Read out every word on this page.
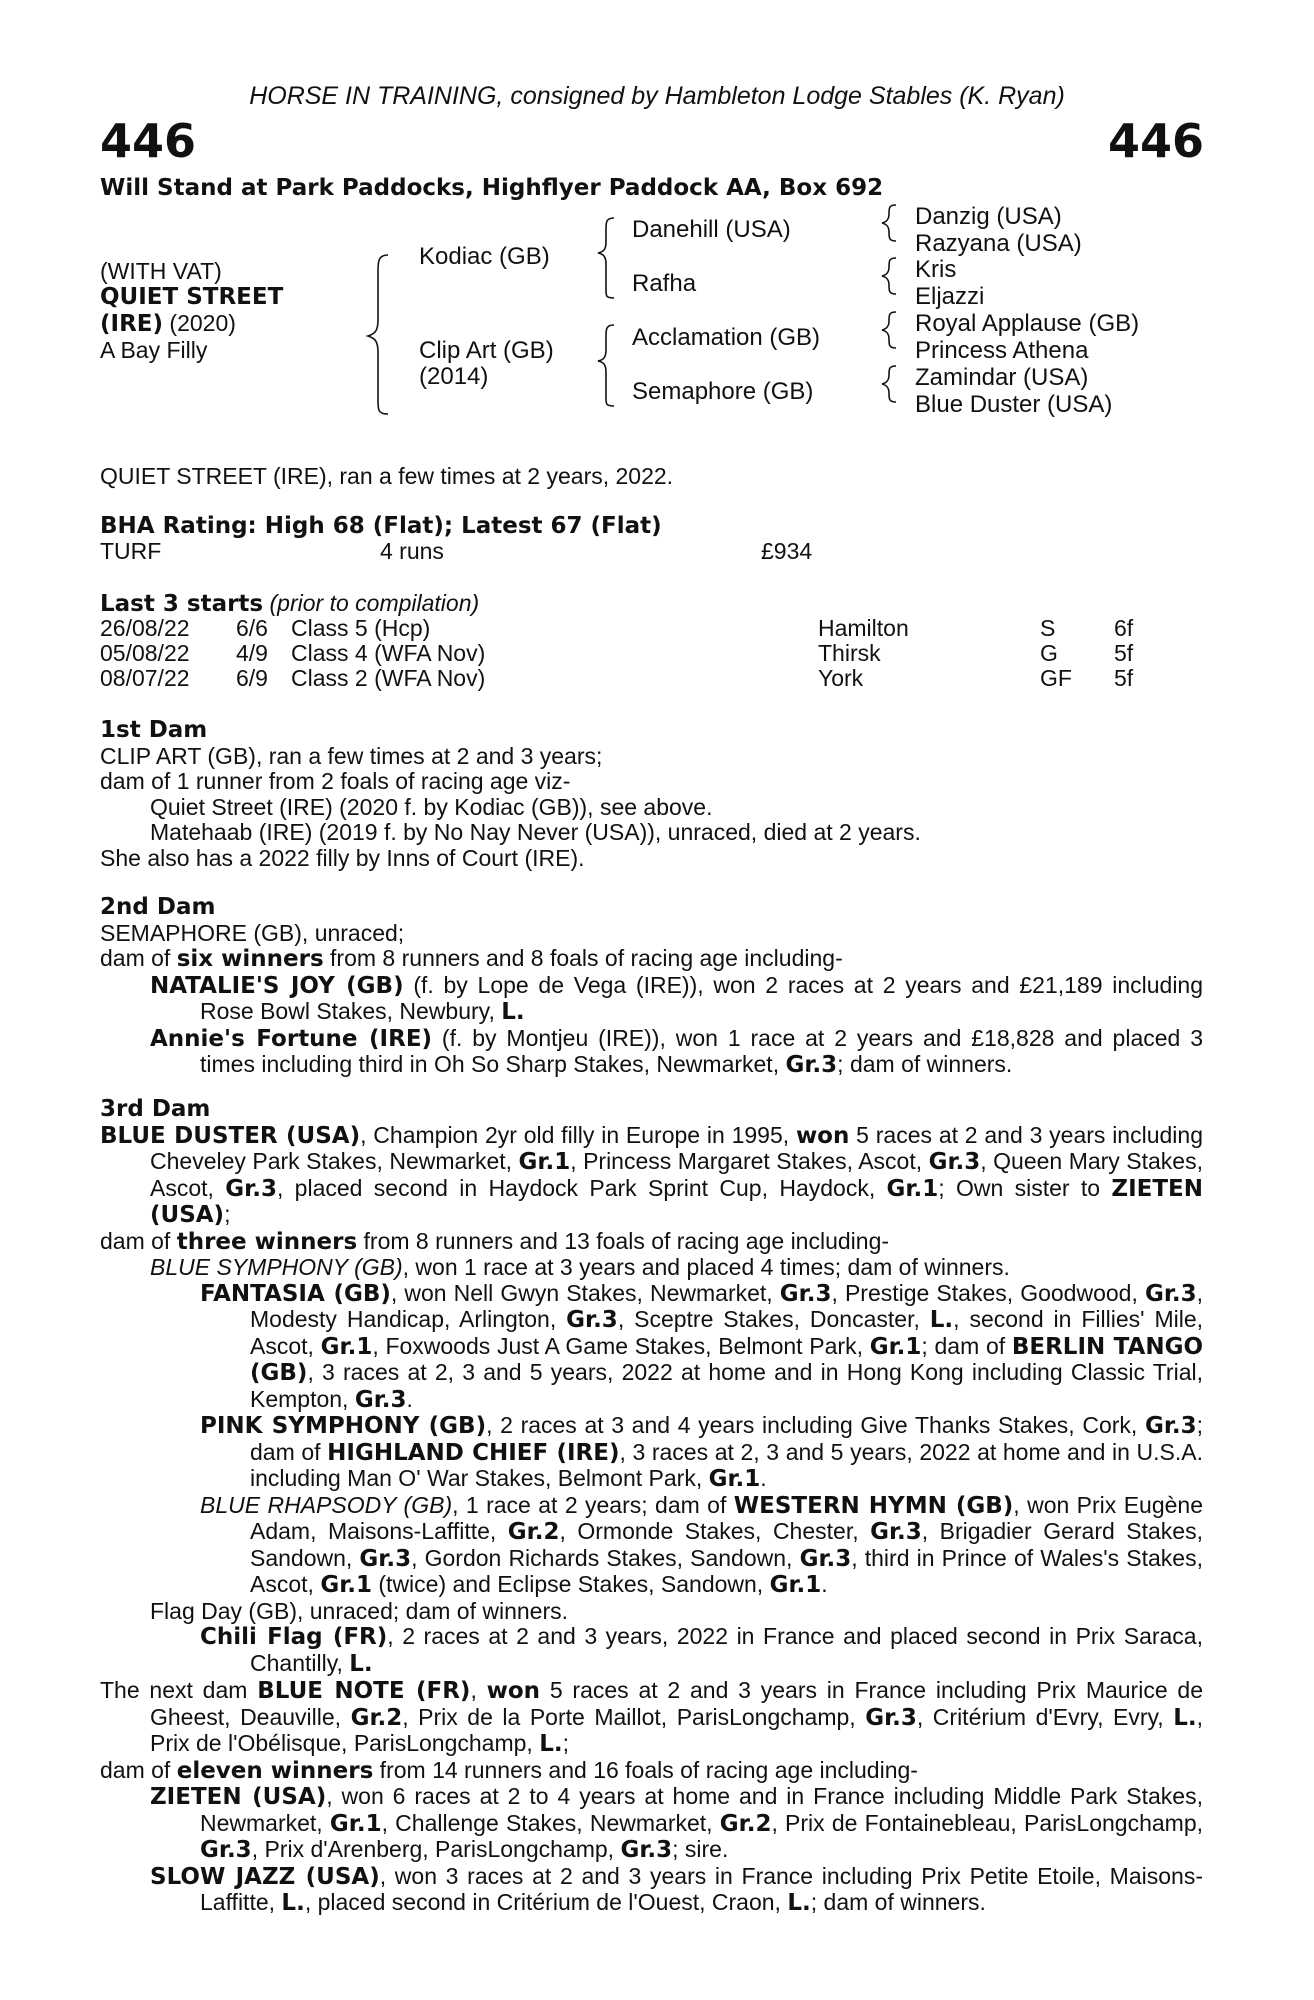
HORSE IN TRAINING, consigned by Hambleton Lodge Stables (K. Ryan)
446	446
Will Stand at Park Paddocks, Highflyer Paddock AA, Box 692
(WITH VAT)
QUIET STREET
(IRE) (2020)
A Bay Filly
Kodiac (GB)
Clip Art (GB)
(2014)
Danehill (USA)
Rafha
Acclamation (GB)
Semaphore (GB)
Danzig (USA)
Razyana (USA)
Kris
Eljazzi
Royal Applause (GB)
Princess Athena
Zamindar (USA)
Blue Duster (USA)
QUIET STREET (IRE), ran a few times at 2 years, 2022.
BHA Rating: High 68 (Flat); Latest 67 (Flat)
TURF	4 runs	£934
Last 3 starts (prior to compilation)
26/08/22 6/6 Class 5 (Hcp)	Hamilton	S	6f
05/08/22 4/9 Class 4 (WFA Nov)	Thirsk	G 5f
08/07/22 6/9 Class 2 (WFA Nov)	York	GF 5f

1st Dam

CLIP ART (GB), ran a few times at 2 and 3 years;

dam of 1 runner from 2 foals of racing age viz-

Quiet Street (IRE) (2020 f. by Kodiac (GB)), see above.

Matehaab (IRE) (2019 f. by No Nay Never (USA)), unraced, died at 2 years.

She also has a 2022 filly by Inns of Court (IRE).

2nd Dam

SEMAPHORE (GB), unraced;

dam of six winners from 8 runners and 8 foals of racing age including-

NATALIE'S JOY (GB) (f. by Lope de Vega (IRE)), won 2 races at 2 years and £21,189 including Rose Bowl Stakes, Newbury, L.

Annie's Fortune (IRE) (f. by Montjeu (IRE)), won 1 race at 2 years and £18,828 and placed 3 times including third in Oh So Sharp Stakes, Newmarket, Gr.3; dam of winners.

3rd Dam

BLUE DUSTER (USA), Champion 2yr old filly in Europe in 1995, won 5 races at 2 and 3 years including Cheveley Park Stakes, Newmarket, Gr.1, Princess Margaret Stakes, Ascot, Gr.3, Queen Mary Stakes, Ascot, Gr.3, placed second in Haydock Park Sprint Cup, Haydock, Gr.1; Own sister to ZIETEN (USA);

dam of three winners from 8 runners and 13 foals of racing age including-

BLUE SYMPHONY (GB), won 1 race at 3 years and placed 4 times; dam of winners.

FANTASIA (GB), won Nell Gwyn Stakes, Newmarket, Gr.3, Prestige Stakes, Goodwood, Gr.3, Modesty Handicap, Arlington, Gr.3, Sceptre Stakes, Doncaster, L., second in Fillies' Mile, Ascot, Gr.1, Foxwoods Just A Game Stakes, Belmont Park, Gr.1; dam of BERLIN TANGO (GB), 3 races at 2, 3 and 5 years, 2022 at home and in Hong Kong including Classic Trial, Kempton, Gr.3.

PINK SYMPHONY (GB), 2 races at 3 and 4 years including Give Thanks Stakes, Cork, Gr.3; dam of HIGHLAND CHIEF (IRE), 3 races at 2, 3 and 5 years, 2022 at home and in U.S.A. including Man O' War Stakes, Belmont Park, Gr.1.

BLUE RHAPSODY (GB), 1 race at 2 years; dam of WESTERN HYMN (GB), won Prix Eugène Adam, Maisons-Laffitte, Gr.2, Ormonde Stakes, Chester, Gr.3, Brigadier Gerard Stakes, Sandown, Gr.3, Gordon Richards Stakes, Sandown, Gr.3, third in Prince of Wales's Stakes, Ascot, Gr.1 (twice) and Eclipse Stakes, Sandown, Gr.1.

Flag Day (GB), unraced; dam of winners.

Chili Flag (FR), 2 races at 2 and 3 years, 2022 in France and placed second in Prix Saraca, Chantilly, L.

The next dam BLUE NOTE (FR), won 5 races at 2 and 3 years in France including Prix Maurice de Gheest, Deauville, Gr.2, Prix de la Porte Maillot, ParisLongchamp, Gr.3, Critérium d'Evry, Evry, L., Prix de l'Obélisque, ParisLongchamp, L.;

dam of eleven winners from 14 runners and 16 foals of racing age including-

ZIETEN (USA), won 6 races at 2 to 4 years at home and in France including Middle Park Stakes, Newmarket, Gr.1, Challenge Stakes, Newmarket, Gr.2, Prix de Fontainebleau, ParisLongchamp, Gr.3, Prix d'Arenberg, ParisLongchamp, Gr.3; sire.

SLOW JAZZ (USA), won 3 races at 2 and 3 years in France including Prix Petite Etoile, Maisons-Laffitte, L., placed second in Critérium de l'Ouest, Craon, L.; dam of winners.
